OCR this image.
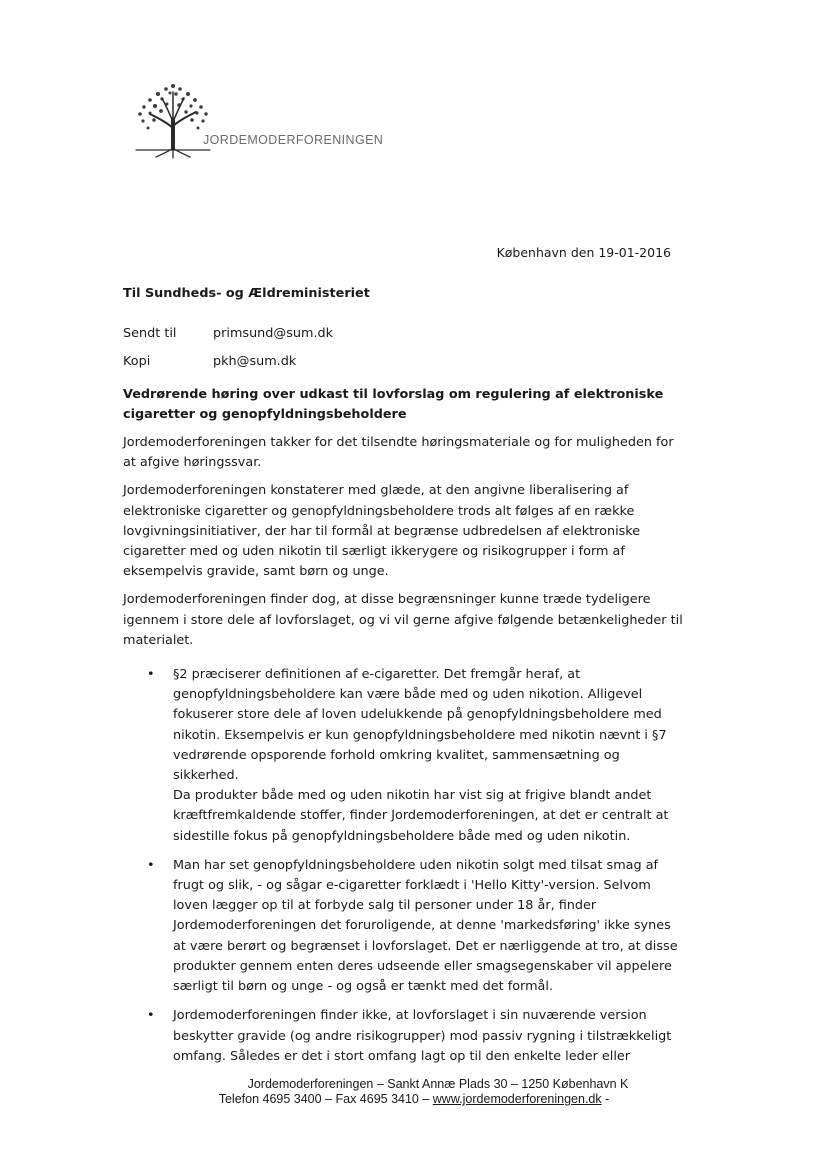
JORDEMODERFORENINGEN
København den 19-01-2016
Til Sundheds- og Ældreministeriet
Sendt til	primsund@sum.dk
Kopi	pkh@sum.dk
Vedrørende høring over udkast til lovforslag om regulering af elektroniske cigaretter og genopfyldningsbeholdere

Jordemoderforeningen takker for det tilsendte høringsmateriale og for muligheden for at afgive høringssvar.

Jordemoderforeningen konstaterer med glæde, at den angivne liberalisering af elektroniske cigaretter og genopfyldningsbeholdere trods alt følges af en række lovgivningsinitiativer, der har til formål at begrænse udbredelsen af elektroniske cigaretter med og uden nikotin til særligt ikkerygere og risikogrupper i form af eksempelvis gravide, samt børn og unge.

Jordemoderforeningen finder dog, at disse begrænsninger kunne træde tydeligere igennem i store dele af lovforslaget, og vi vil gerne afgive følgende betænkeligheder til materialet.

• §2 præciserer definitionen af e-cigaretter. Det fremgår heraf, at genopfyldningsbeholdere kan være både med og uden nikotion. Alligevel fokuserer store dele af loven udelukkende på genopfyldningsbeholdere med nikotin. Eksempelvis er kun genopfyldningsbeholdere med nikotin nævnt i §7 vedrørende opsporende forhold omkring kvalitet, sammensætning og sikkerhed.
Da produkter både med og uden nikotin har vist sig at frigive blandt andet kræftfremkaldende stoffer, finder Jordemoderforeningen, at det er centralt at sidestille fokus på genopfyldningsbeholdere både med og uden nikotin.
• Man har set genopfyldningsbeholdere uden nikotin solgt med tilsat smag af frugt og slik, - og sågar e-cigaretter forklædt i 'Hello Kitty'-version. Selvom loven lægger op til at forbyde salg til personer under 18 år, finder Jordemoderforeningen det foruroligende, at denne 'markedsføring' ikke synes at være berørt og begrænset i lovforslaget. Det er nærliggende at tro, at disse produkter gennem enten deres udseende eller smagsegenskaber vil appelere særligt til børn og unge - og også er tænkt med det formål.
• Jordemoderforeningen finder ikke, at lovforslaget i sin nuværende version beskytter gravide (og andre risikogrupper) mod passiv rygning i tilstrækkeligt omfang. Således er det i stort omfang lagt op til den enkelte leder eller
Jordemoderforeningen – Sankt Annæ Plads 30 – 1250 København K
Telefon 4695 3400 – Fax 4695 3410 – www.jordemoderforeningen.dk -
